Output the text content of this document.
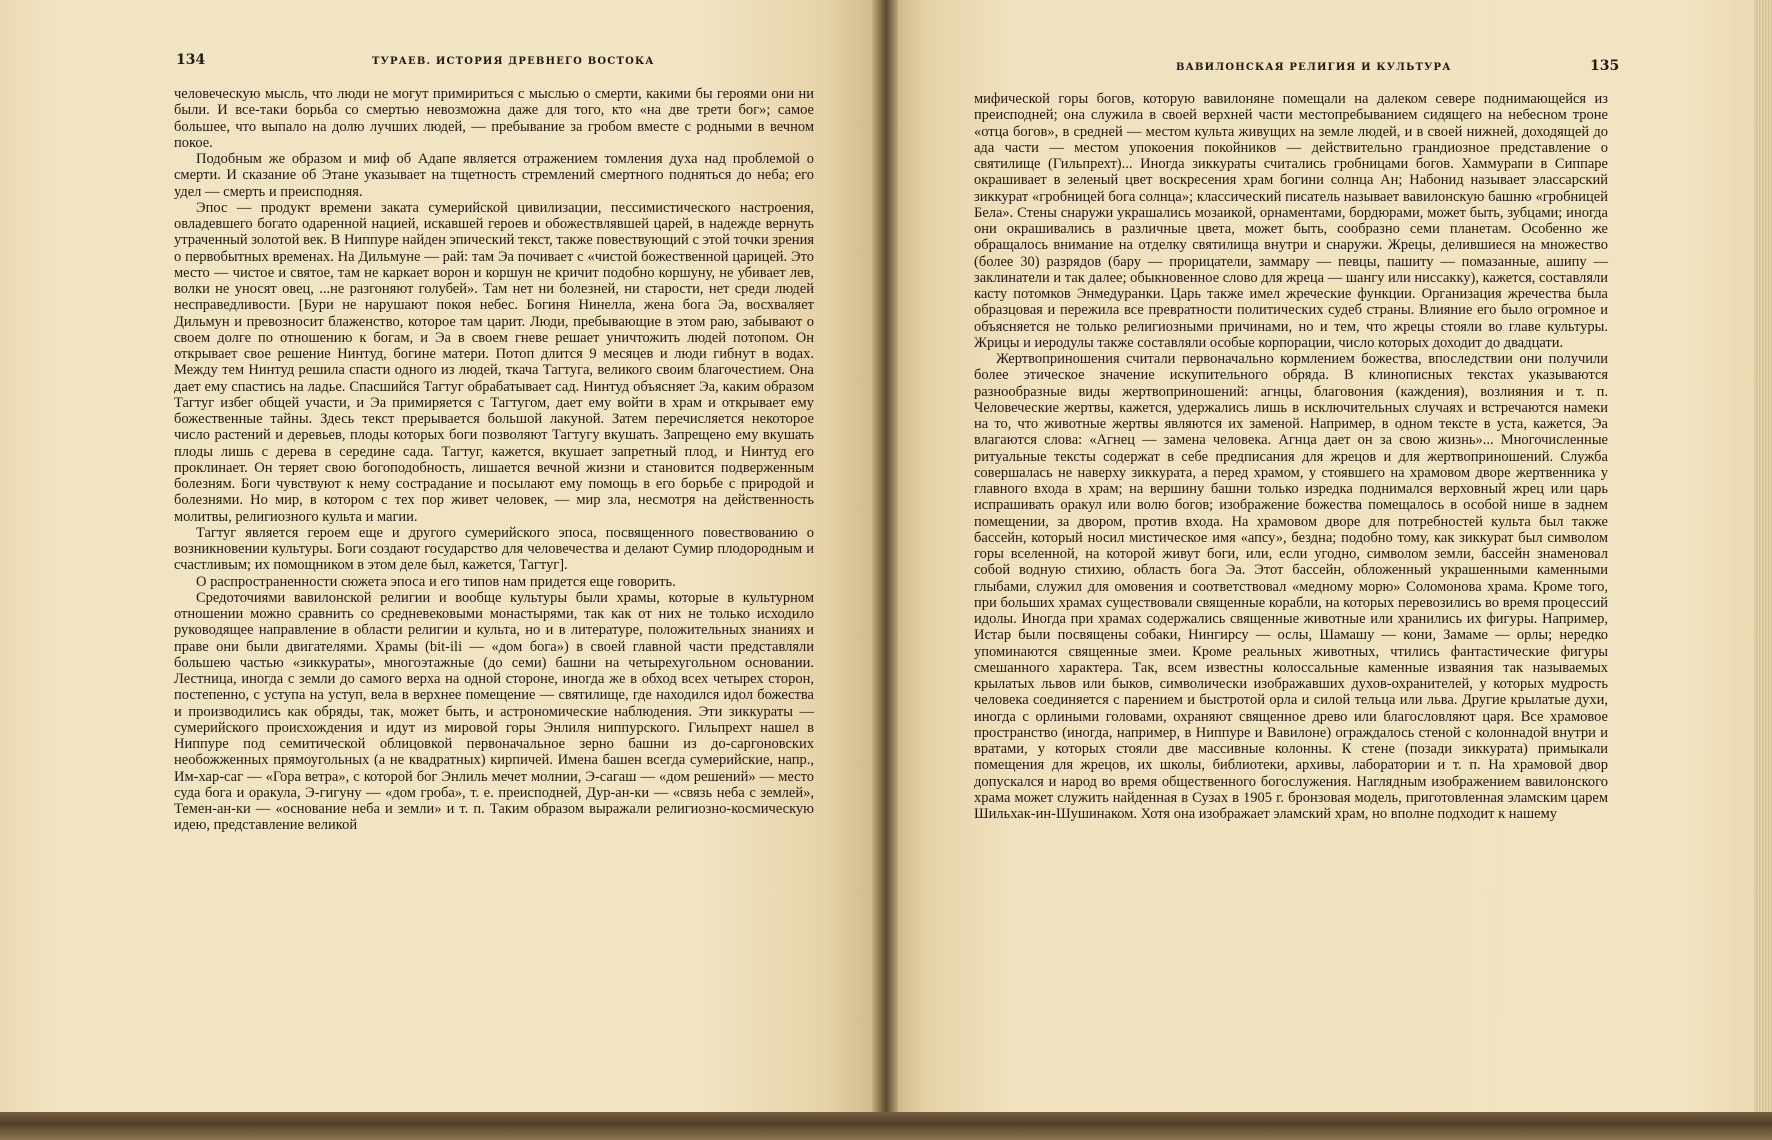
134	ТУРАЕВ. ИСТОРИЯ ДРЕВНЕГО ВОСТОКА

человеческую мысль, что люди не могут примириться с мыслью о смерти, какими бы героями они ни были. И все-таки борьба со смертью невозможна даже для того, кто «на две трети бог»; самое большее, что выпало на долю лучших людей, — пребывание за гробом вместе с родными в вечном покое.

Подобным же образом и миф об Адапе является отражением томления духа над проблемой о смерти. И сказание об Этане указывает на тщетность стремлений смертного подняться до неба; его удел — смерть и преисподняя.

Эпос — продукт времени заката сумерийской цивилизации, пессимистического настроения, овладевшего богато одаренной нацией, искавшей героев и обожествлявшей царей, в надежде вернуть утраченный золотой век. В Ниппуре найден эпический текст, также повествующий с этой точки зрения о первобытных временах. На Дильмуне — рай: там Эа почивает с «чистой божественной царицей. Это место — чистое и святое, там не каркает ворон и коршун не кричит подобно коршуну, не убивает лев, волки не уносят овец, ...не разгоняют голубей». Там нет ни болезней, ни старости, нет среди людей несправедливости. [Бури не нарушают покоя небес. Богиня Нинелла, жена бога Эа, восхваляет Дильмун и превозносит блаженство, которое там царит. Люди, пребывающие в этом раю, забывают о своем долге по отношению к богам, и Эа в своем гневе решает уничтожить людей потопом. Он открывает свое решение Нинтуд, богине матери. Потоп длится 9 месяцев и люди гибнут в водах. Между тем Нинтуд решила спасти одного из людей, ткача Тагтуга, великого своим благочестием. Она дает ему спастись на ладье. Спасшийся Тагтуг обрабатывает сад. Нинтуд объясняет Эа, каким образом Тагтуг избег общей участи, и Эа примиряется с Тагтугом, дает ему войти в храм и открывает ему божественные тайны. Здесь текст прерывается большой лакуной. Затем перечисляется некоторое число растений и деревьев, плоды которых боги позволяют Тагтугу вкушать. Запрещено ему вкушать плоды лишь с дерева в середине сада. Тагтуг, кажется, вкушает запретный плод, и Нинтуд его проклинает. Он теряет свою богоподобность, лишается вечной жизни и становится подверженным болезням. Боги чувствуют к нему сострадание и посылают ему помощь в его борьбе с природой и болезнями. Но мир, в котором с тех пор живет человек, — мир зла, несмотря на действенность молитвы, религиозного культа и магии.

Тагтуг является героем еще и другого сумерийского эпоса, посвященного повествованию о возникновении культуры. Боги создают государство для человечества и делают Сумир плодородным и счастливым; их помощником в этом деле был, кажется, Тагтуг].

О распространенности сюжета эпоса и его типов нам придется еще говорить.

Средоточиями вавилонской религии и вообще культуры были храмы, которые в культурном отношении можно сравнить со средневековыми монастырями, так как от них не только исходило руководящее направление в области религии и культа, но и в литературе, положительных знаниях и праве они были двигателями. Храмы (bit-ili — «дом бога») в своей главной части представляли большею частью «зиккураты», многоэтажные (до семи) башни на четырехугольном основании. Лестница, иногда с земли до самого верха на одной стороне, иногда же в обход всех четырех сторон, постепенно, с уступа на уступ, вела в верхнее помещение — святилище, где находился идол божества и производились как обряды, так, может быть, и астрономические наблюдения. Эти зиккураты — сумерийского происхождения и идут из мировой горы Энлиля ниппурского. Гильпрехт нашел в Ниппуре под семитической облицовкой первоначальное зерно башни из до-саргоновских необожженных прямоугольных (а не квадратных) кирпичей. Имена башен всегда сумерийские, напр., Им-хар-саг — «Гора ветра», с которой бог Энлиль мечет молнии, Э-сагаш — «дом решений» — место суда бога и оракула, Э-гигуну — «дом гроба», т. е. преисподней, Дур-ан-ки — «связь неба с землей», Темен-ан-ки — «основание неба и земли» и т. п. Таким образом выражали религиозно-космическую идею, представление великой

ВАВИЛОНСКАЯ РЕЛИГИЯ И КУЛЬТУРА	135

мифической горы богов, которую вавилоняне помещали на далеком севере поднимающейся из преисподней; она служила в своей верхней части местопребыванием сидящего на небесном троне «отца богов», в средней — местом культа живущих на земле людей, и в своей нижней, доходящей до ада части — местом упокоения покойников — действительно грандиозное представление о святилище (Гильпрехт)... Иногда зиккураты считались гробницами богов. Хаммурапи в Сиппаре окрашивает в зеленый цвет воскресения храм богини солнца Ан; Набонид называет эласcарский зиккурат «гробницей бога солнца»; классический писатель называет вавилонскую башню «гробницей Бела». Стены снаружи украшались мозаикой, орнаментами, бордюрами, может быть, зубцами; иногда они окрашивались в различные цвета, может быть, сообразно семи планетам. Особенно же обращалось внимание на отделку святилища внутри и снаружи. Жрецы, делившиеся на множество (более 30) разрядов (бару — прорицатели, заммару — певцы, пашиту — помазанные, ашипу — заклинатели и так далее; обыкновенное слово для жреца — шангу или ниссакку), кажется, составляли касту потомков Энмедуранки. Царь также имел жреческие функции. Организация жречества была образцовая и пережила все превратности политических судеб страны. Влияние его было огромное и объясняется не только религиозными причинами, но и тем, что жрецы стояли во главе культуры. Жрицы и иеродулы также составляли особые корпорации, число которых доходит до двадцати.

Жертвоприношения считали первоначально кормлением божества, впоследствии они получили более этическое значение искупительного обряда. В клинописных текстах указываются разнообразные виды жертвоприношений: агнцы, благовония (каждения), возлияния и т. п. Человеческие жертвы, кажется, удержались лишь в исключительных случаях и встречаются намеки на то, что животные жертвы являются их заменой. Например, в одном тексте в уста, кажется, Эа влагаются слова: «Агнец — замена человека. Агнца дает он за свою жизнь»... Многочисленные ритуальные тексты содержат в себе предписания для жрецов и для жертвоприношений. Служба совершалась не наверху зиккурата, а перед храмом, у стоявшего на храмовом дворе жертвенника у главного входа в храм; на вершину башни только изредка поднимался верховный жрец или царь испрашивать оракул или волю богов; изображение божества помещалось в особой нише в заднем помещении, за двором, против входа. На храмовом дворе для потребностей культа был также бассейн, который носил мистическое имя «апсу», бездна; подобно тому, как зиккурат был символом горы вселенной, на которой живут боги, или, если угодно, символом земли, бассейн знаменовал собой водную стихию, область бога Эа. Этот бассейн, обложенный украшенными каменными глыбами, служил для омовения и соответствовал «медному морю» Соломонова храма. Кроме того, при больших храмах существовали священные корабли, на которых перевозились во время процессий идолы. Иногда при храмах содержались священные животные или хранились их фигуры. Например, Истар были посвящены собаки, Нингирсу — ослы, Шамашу — кони, Замаме — орлы; нередко упоминаются священные змеи. Кроме реальных животных, чтились фантастические фигуры смешанного характера. Так, всем известны колоссальные каменные изваяния так называемых крылатых львов или быков, символически изображавших духов-охранителей, у которых мудрость человека соединяется с парением и быстротой орла и силой тельца или льва. Другие крылатые духи, иногда с орлиными головами, охраняют священное древо или благословляют царя. Все храмовое пространство (иногда, например, в Ниппуре и Вавилоне) ограждалось стеной с колоннадой внутри и вратами, у которых стояли две массивные колонны. К стене (позади зиккурата) примыкали помещения для жрецов, их школы, библиотеки, архивы, лаборатории и т. п. На храмовой двор допускался и народ во время общественного богослужения. Наглядным изображением вавилонского храма может служить найденная в Сузах в 1905 г. бронзовая модель, приготовленная эламским царем Шильхак-ин-Шушинаком. Хотя она изображает эламский храм, но вполне подходит к нашему
